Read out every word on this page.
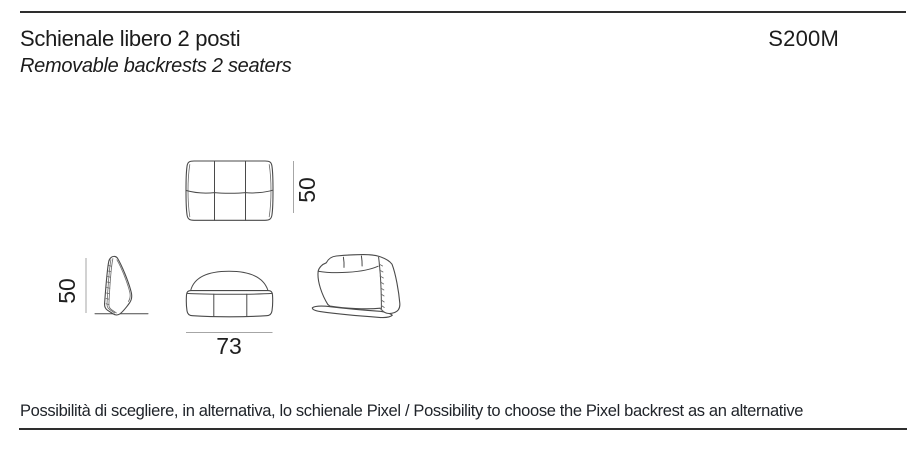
Schienale libero 2 posti
Removable backrests 2 seaters
S200M
50
50
73
Possibilità di scegliere, in alternativa, lo schienale Pixel / Possibility to choose the Pixel backrest as an alternative
